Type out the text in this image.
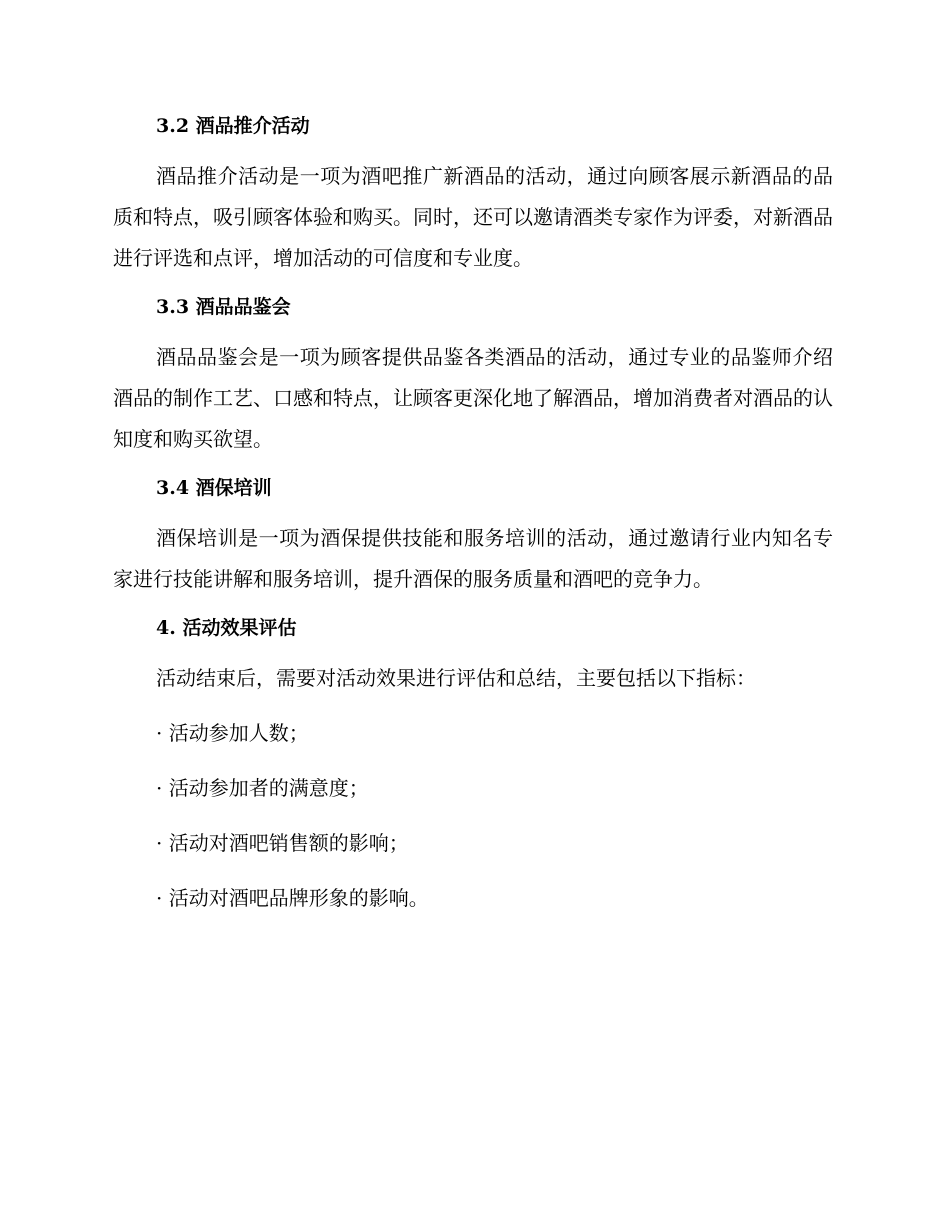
3.2 酒品推介活动

酒品推介活动是一项为酒吧推广新酒品的活动，通过向顾客展示新酒品的品质和特点，吸引顾客体验和购买。同时，还可以邀请酒类专家作为评委，对新酒品进行评选和点评，增加活动的可信度和专业度。

3.3 酒品品鉴会

酒品品鉴会是一项为顾客提供品鉴各类酒品的活动，通过专业的品鉴师介绍酒品的制作工艺、口感和特点，让顾客更深化地了解酒品，增加消费者对酒品的认知度和购买欲望。

3.4 酒保培训

酒保培训是一项为酒保提供技能和服务培训的活动，通过邀请行业内知名专家进行技能讲解和服务培训，提升酒保的服务质量和酒吧的竞争力。

4. 活动效果评估

活动结束后，需要对活动效果进行评估和总结，主要包括以下指标：

· 活动参加人数；

· 活动参加者的满意度；

· 活动对酒吧销售额的影响；

· 活动对酒吧品牌形象的影响。
